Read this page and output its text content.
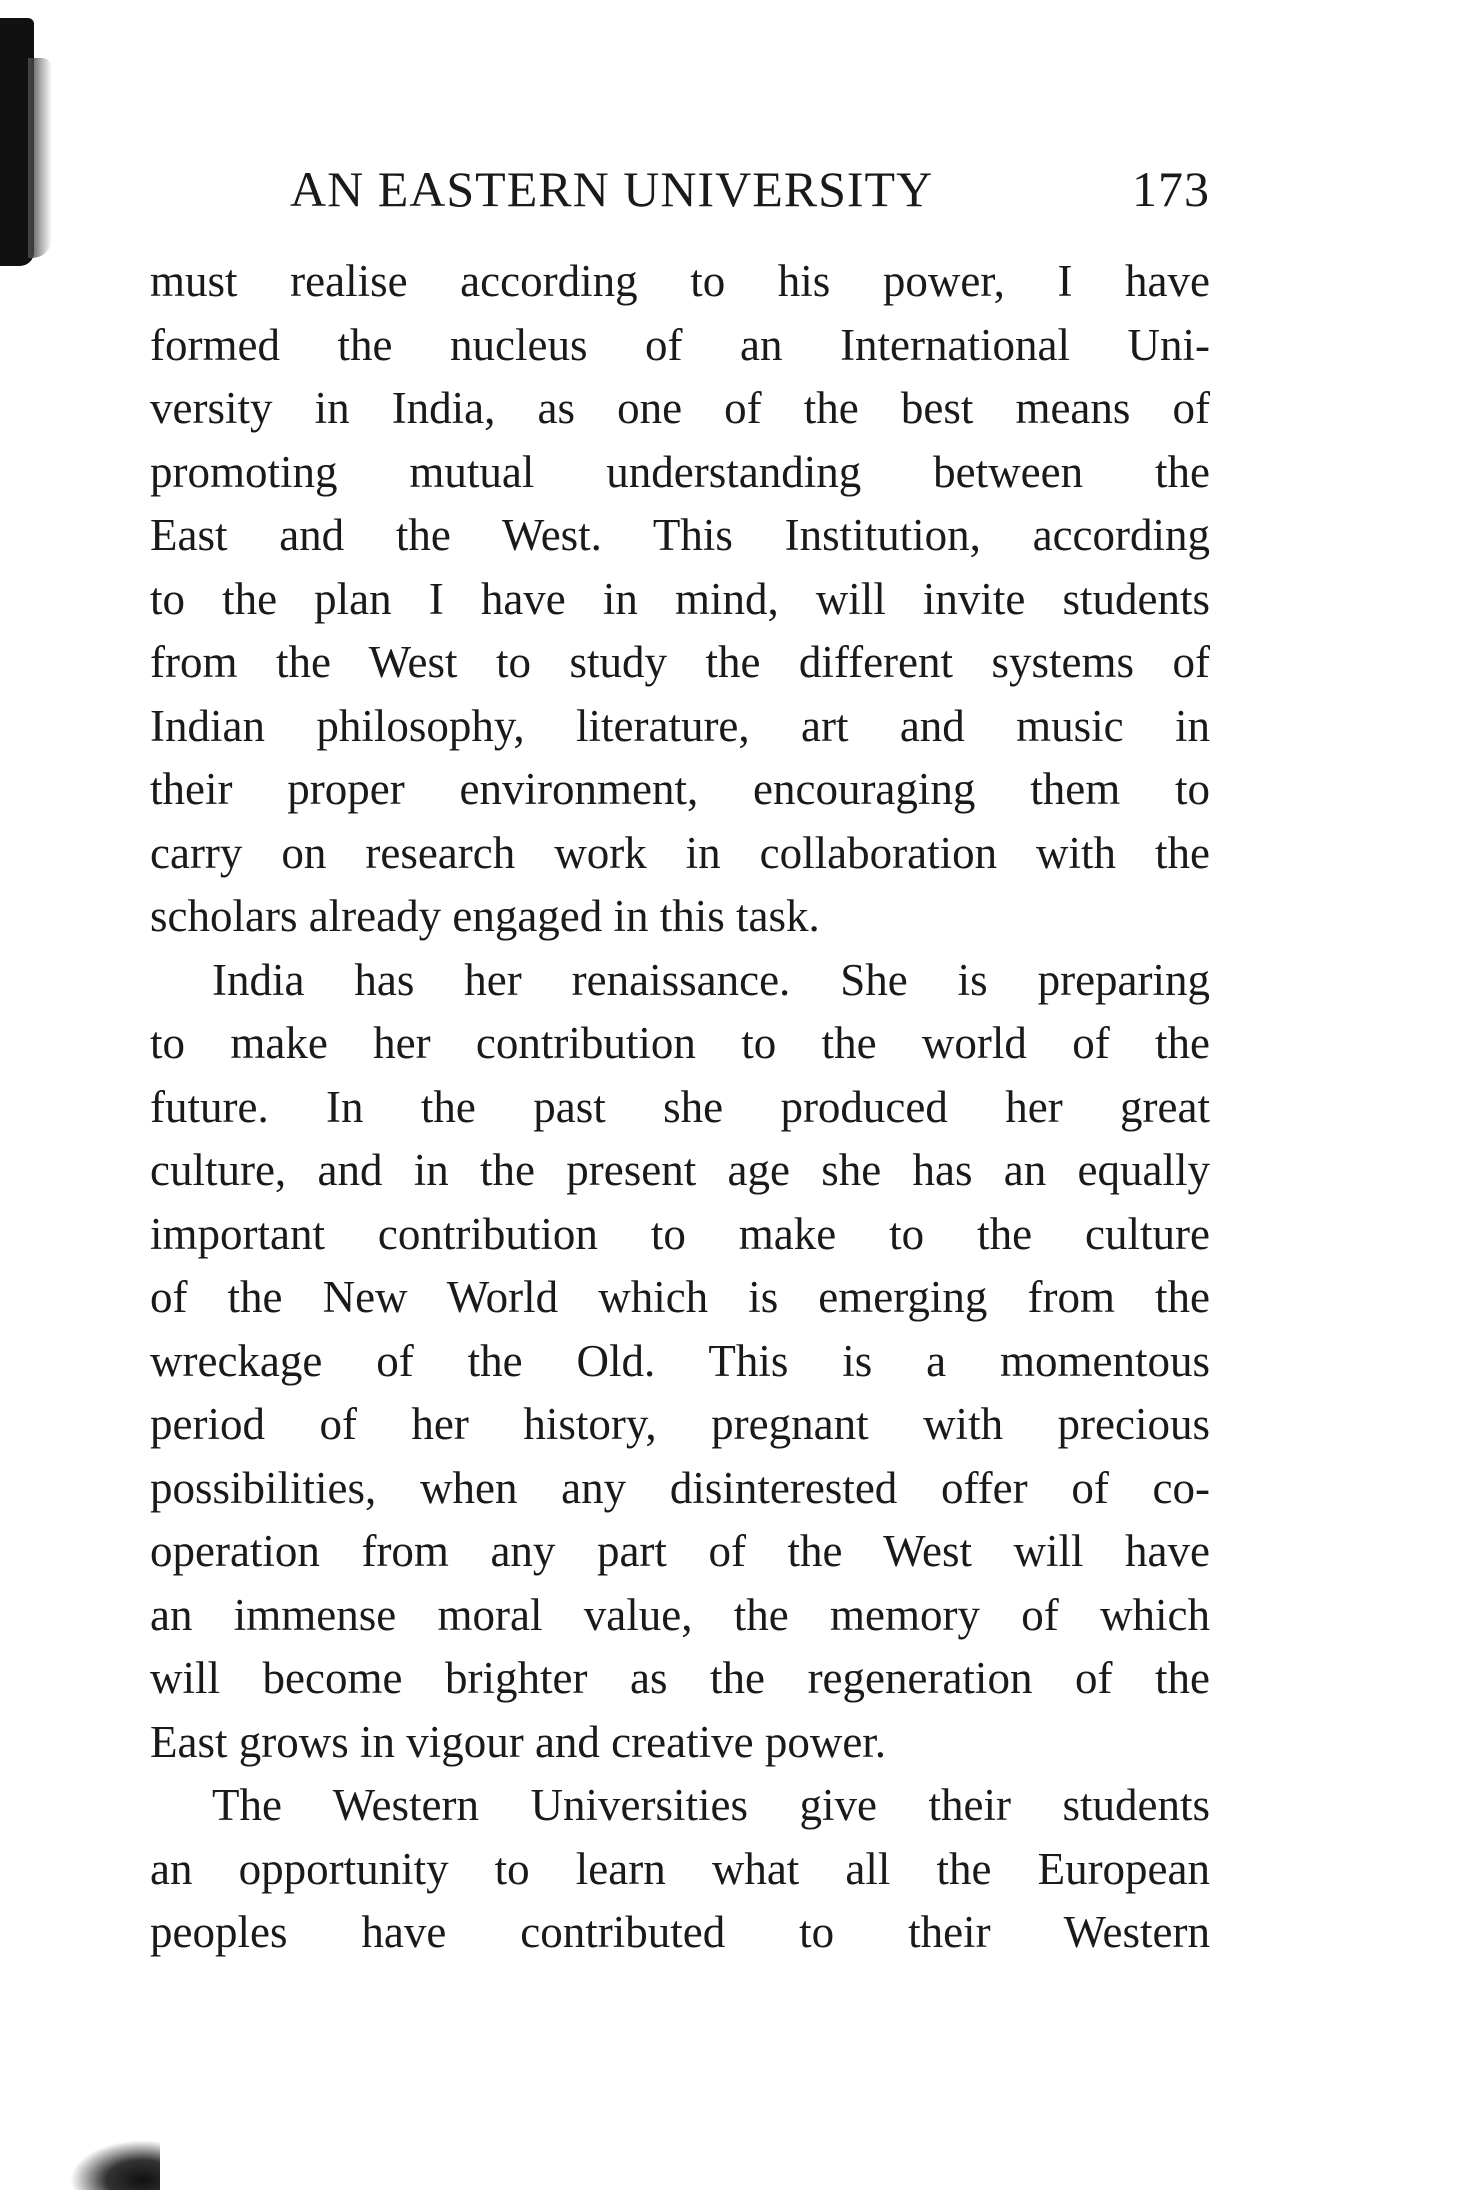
AN EASTERN UNIVERSITY	173

must realise according to his power, I have
formed the nucleus of an International Uni-
versity in India, as one of the best means of
promoting mutual understanding between the
East and the West. This Institution, according
to the plan I have in mind, will invite students
from the West to study the different systems of
Indian philosophy, literature, art and music in
their proper environment, encouraging them to
carry on research work in collaboration with the
scholars already engaged in this task.

India has her renaissance. She is preparing
to make her contribution to the world of the
future. In the past she produced her great
culture, and in the present age she has an equally
important contribution to make to the culture
of the New World which is emerging from the
wreckage of the Old. This is a momentous
period of her history, pregnant with precious
possibilities, when any disinterested offer of co-
operation from any part of the West will have
an immense moral value, the memory of which
will become brighter as the regeneration of the
East grows in vigour and creative power.

The Western Universities give their students
an opportunity to learn what all the European
peoples have contributed to their Western
